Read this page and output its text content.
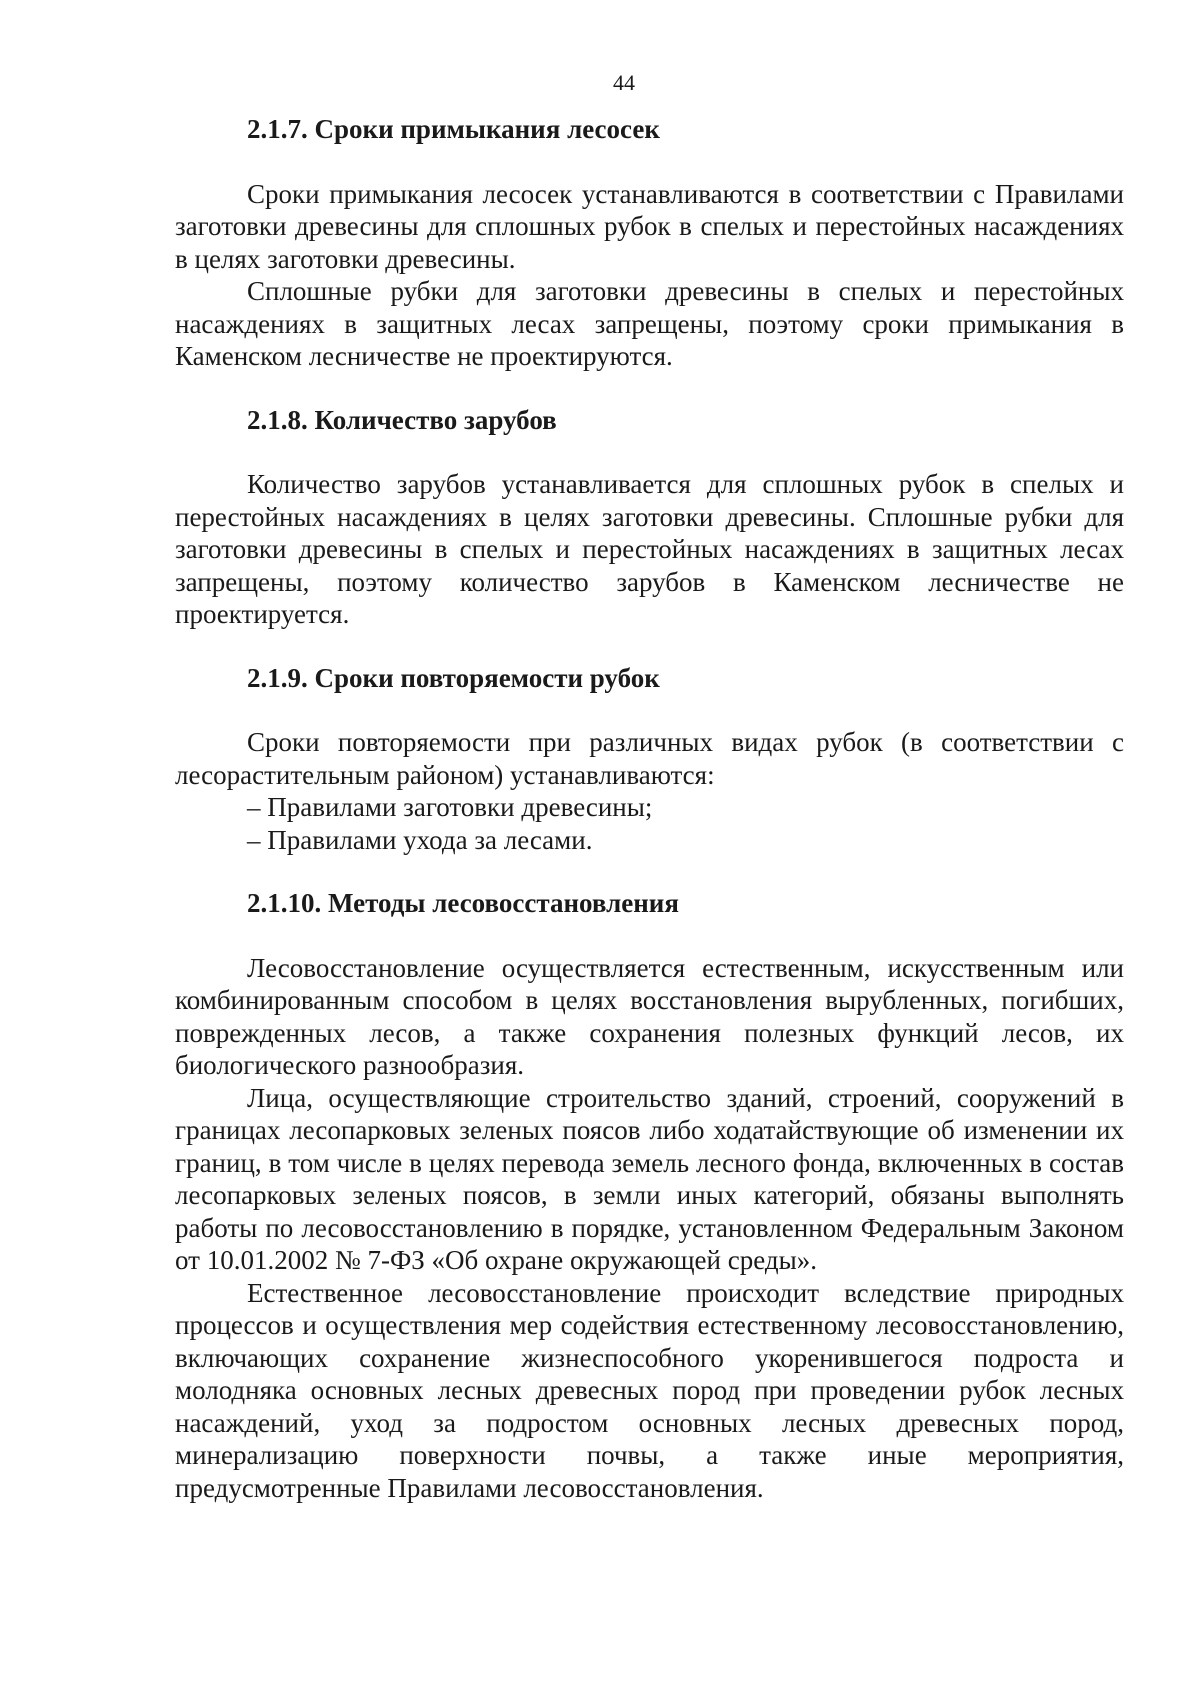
44
2.1.7. Сроки примыкания лесосек

Сроки примыкания лесосек устанавливаются в соответствии с Правилами заготовки древесины для сплошных рубок в спелых и перестойных насаждениях в целях заготовки древесины.

Сплошные рубки для заготовки древесины в спелых и перестойных насаждениях в защитных лесах запрещены, поэтому сроки примыкания в Каменском лесничестве не проектируются.

2.1.8. Количество зарубов

Количество зарубов устанавливается для сплошных рубок в спелых и перестойных насаждениях в целях заготовки древесины. Сплошные рубки для заготовки древесины в спелых и перестойных насаждениях в защитных лесах запрещены, поэтому количество зарубов в Каменском лесничестве не проектируется.

2.1.9. Сроки повторяемости рубок

Сроки повторяемости при различных видах рубок (в соответствии с лесорастительным районом) устанавливаются:

– Правилами заготовки древесины;

– Правилами ухода за лесами.

2.1.10. Методы лесовосстановления

Лесовосстановление осуществляется естественным, искусственным или комбинированным способом в целях восстановления вырубленных, погибших, поврежденных лесов, а также сохранения полезных функций лесов, их биологического разнообразия.

Лица, осуществляющие строительство зданий, строений, сооружений в границах лесопарковых зеленых поясов либо ходатайствующие об изменении их границ, в том числе в целях перевода земель лесного фонда, включенных в состав лесопарковых зеленых поясов, в земли иных категорий, обязаны выполнять работы по лесовосстановлению в порядке, установленном Федеральным Законом от 10.01.2002 № 7-ФЗ «Об охране окружающей среды».

Естественное лесовосстановление происходит вследствие природных процессов и осуществления мер содействия естественному лесовосстановлению, включающих сохранение жизнеспособного укоренившегося подроста и молодняка основных лесных древесных пород при проведении рубок лесных насаждений, уход за подростом основных лесных древесных пород, минерализацию поверхности почвы, а также иные мероприятия, предусмотренные Правилами лесовосстановления.
